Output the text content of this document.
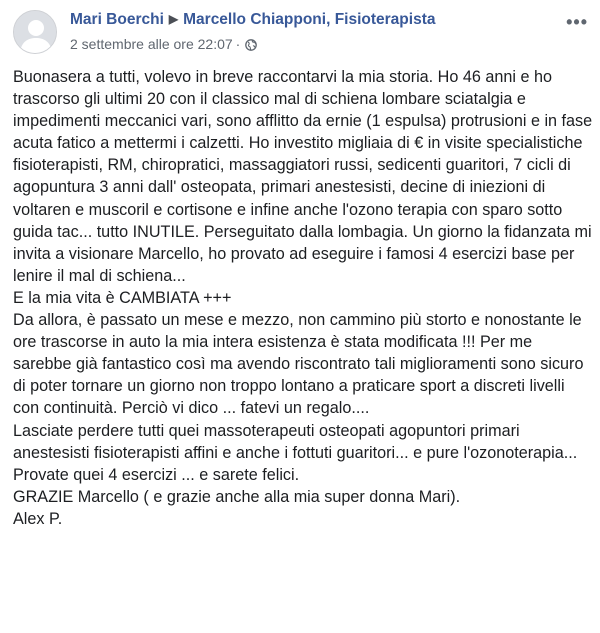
Mari Boerchi ▶ Marcello Chiapponi, Fisioterapista
2 settembre alle ore 22:07 ·
•••

Buonasera a tutti, volevo in breve raccontarvi la mia storia. Ho 46 anni e ho trascorso gli ultimi 20 con il classico mal di schiena lombare sciatalgia e impedimenti meccanici vari, sono afflitto da ernie (1 espulsa) protrusioni e in fase acuta fatico a mettermi i calzetti. Ho investito migliaia di € in visite specialistiche fisioterapisti, RM, chiropratici, massaggiatori russi, sedicenti guaritori, 7 cicli di agopuntura 3 anni dall' osteopata, primari anestesisti, decine di iniezioni di voltaren e muscoril e cortisone e infine anche l'ozono terapia con sparo sotto guida tac... tutto INUTILE. Perseguitato dalla lombagia. Un giorno la fidanzata mi invita a visionare Marcello, ho provato ad eseguire i famosi 4 esercizi base per lenire il mal di schiena...

E la mia vita è CAMBIATA +++

Da allora, è passato un mese e mezzo, non cammino più storto e nonostante le ore trascorse in auto la mia intera esistenza è stata modificata !!! Per me sarebbe già fantastico così ma avendo riscontrato tali miglioramenti sono sicuro di poter tornare un giorno non troppo lontano a praticare sport a discreti livelli con continuità. Perciò vi dico ... fatevi un regalo....

Lasciate perdere tutti quei massoterapeuti osteopati agopuntori primari anestesisti fisioterapisti affini e anche i fottuti guaritori... e pure l'ozonoterapia...

Provate quei 4 esercizi ... e sarete felici.

GRAZIE Marcello ( e grazie anche alla mia super donna Mari).

Alex P.
